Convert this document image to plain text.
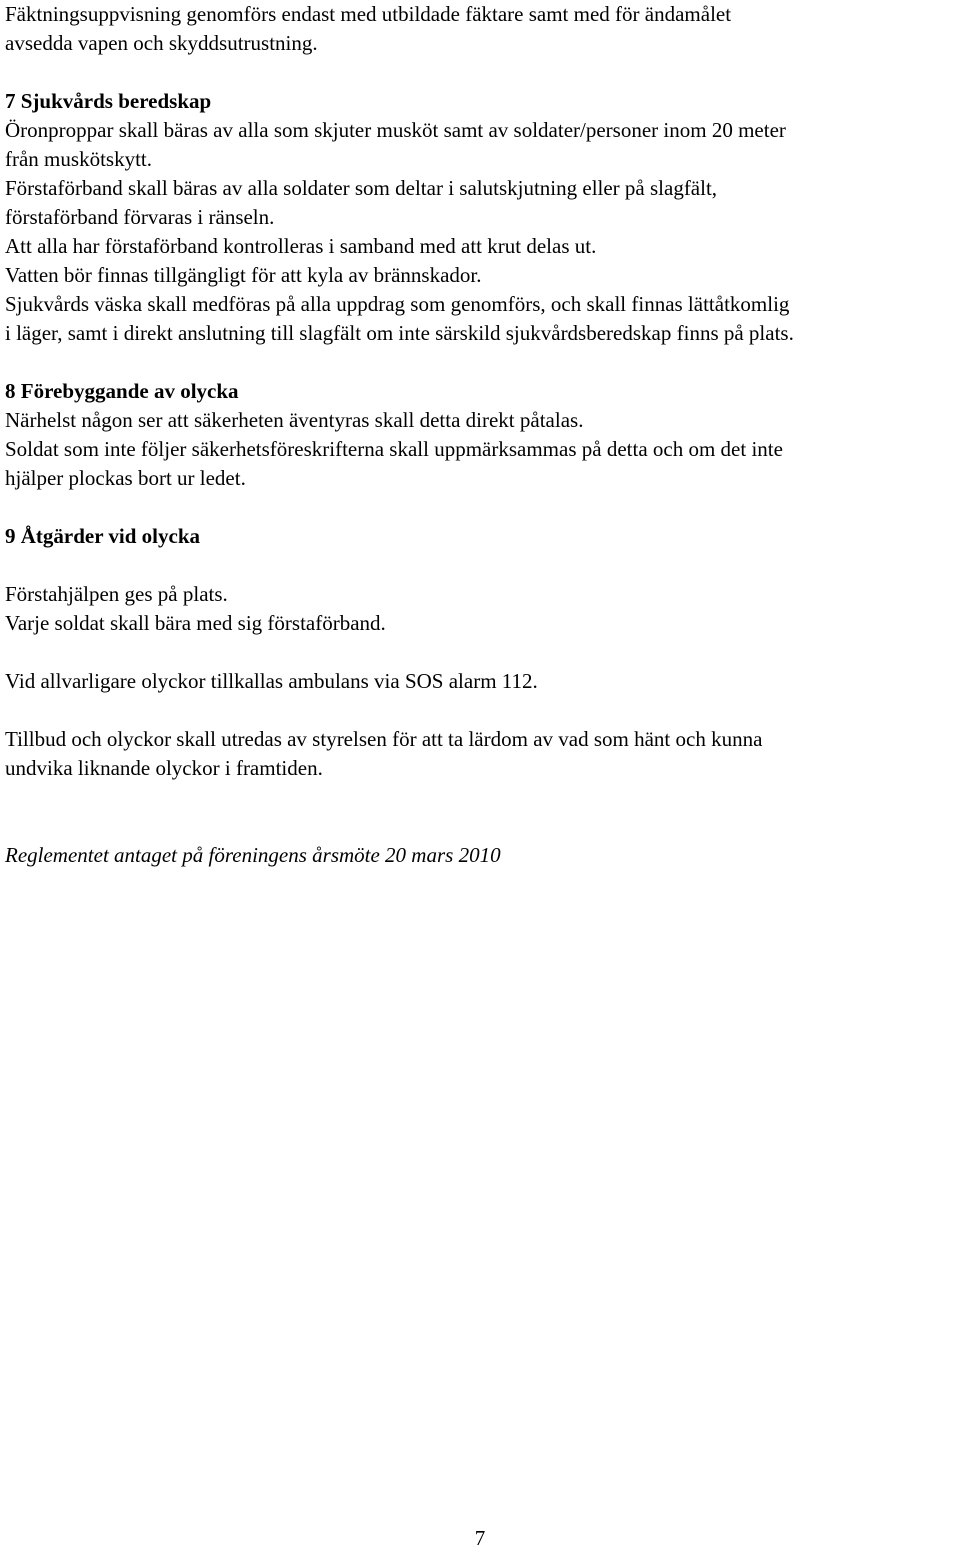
Fäktningsuppvisning genomförs endast med utbildade fäktare samt med för ändamålet
avsedda vapen och skyddsutrustning.
7 Sjukvårds beredskap
Öronproppar skall bäras av alla som skjuter musköt samt av soldater/personer inom 20 meter
från muskötskytt.
Förstaförband skall bäras av alla soldater som deltar i salutskjutning eller på slagfält,
förstaförband förvaras i ränseln.
Att alla har förstaförband kontrolleras i samband med att krut delas ut.
Vatten bör finnas tillgängligt för att kyla av brännskador.
Sjukvårds väska skall medföras på alla uppdrag som genomförs, och skall finnas lättåtkomlig
i läger, samt i direkt anslutning till slagfält om inte särskild sjukvårdsberedskap finns på plats.
8 Förebyggande av olycka
Närhelst någon ser att säkerheten äventyras skall detta direkt påtalas.
Soldat som inte följer säkerhetsföreskrifterna skall uppmärksammas på detta och om det inte
hjälper plockas bort ur ledet.
9 Åtgärder vid olycka
Förstahjälpen ges på plats.
Varje soldat skall bära med sig förstaförband.
Vid allvarligare olyckor tillkallas ambulans via SOS alarm 112.
Tillbud och olyckor skall utredas av styrelsen för att ta lärdom av vad som hänt och kunna
undvika liknande olyckor i framtiden.
Reglementet antaget på föreningens årsmöte 20 mars 2010
7
